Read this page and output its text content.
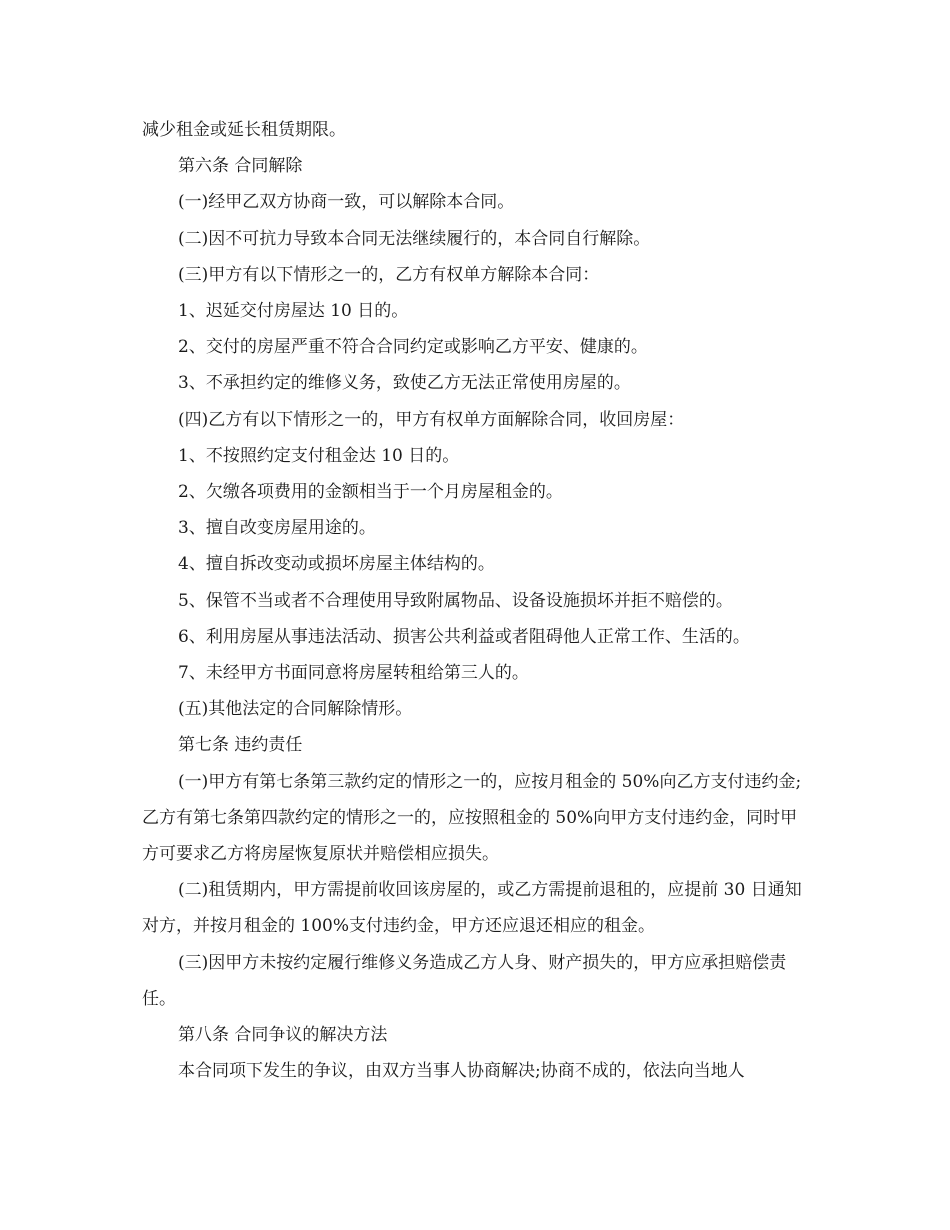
减少租金或延长租赁期限。

第六条 合同解除

(一)经甲乙双方协商一致，可以解除本合同。

(二)因不可抗力导致本合同无法继续履行的，本合同自行解除。

(三)甲方有以下情形之一的，乙方有权单方解除本合同：

1、迟延交付房屋达 10 日的。

2、交付的房屋严重不符合合同约定或影响乙方平安、健康的。

3、不承担约定的维修义务，致使乙方无法正常使用房屋的。

(四)乙方有以下情形之一的，甲方有权单方面解除合同，收回房屋：

1、不按照约定支付租金达 10 日的。

2、欠缴各项费用的金额相当于一个月房屋租金的。

3、擅自改变房屋用途的。

4、擅自拆改变动或损坏房屋主体结构的。

5、保管不当或者不合理使用导致附属物品、设备设施损坏并拒不赔偿的。

6、利用房屋从事违法活动、损害公共利益或者阻碍他人正常工作、生活的。

7、未经甲方书面同意将房屋转租给第三人的。

(五)其他法定的合同解除情形。

第七条 违约责任

(一)甲方有第七条第三款约定的情形之一的，应按月租金的 50%向乙方支付违约金;乙方有第七条第四款约定的情形之一的，应按照租金的 50%向甲方支付违约金，同时甲方可要求乙方将房屋恢复原状并赔偿相应损失。

(二)租赁期内，甲方需提前收回该房屋的，或乙方需提前退租的，应提前 30 日通知对方，并按月租金的 100%支付违约金，甲方还应退还相应的租金。

(三)因甲方未按约定履行维修义务造成乙方人身、财产损失的，甲方应承担赔偿责任。

第八条 合同争议的解决方法

本合同项下发生的争议，由双方当事人协商解决;协商不成的，依法向当地人
